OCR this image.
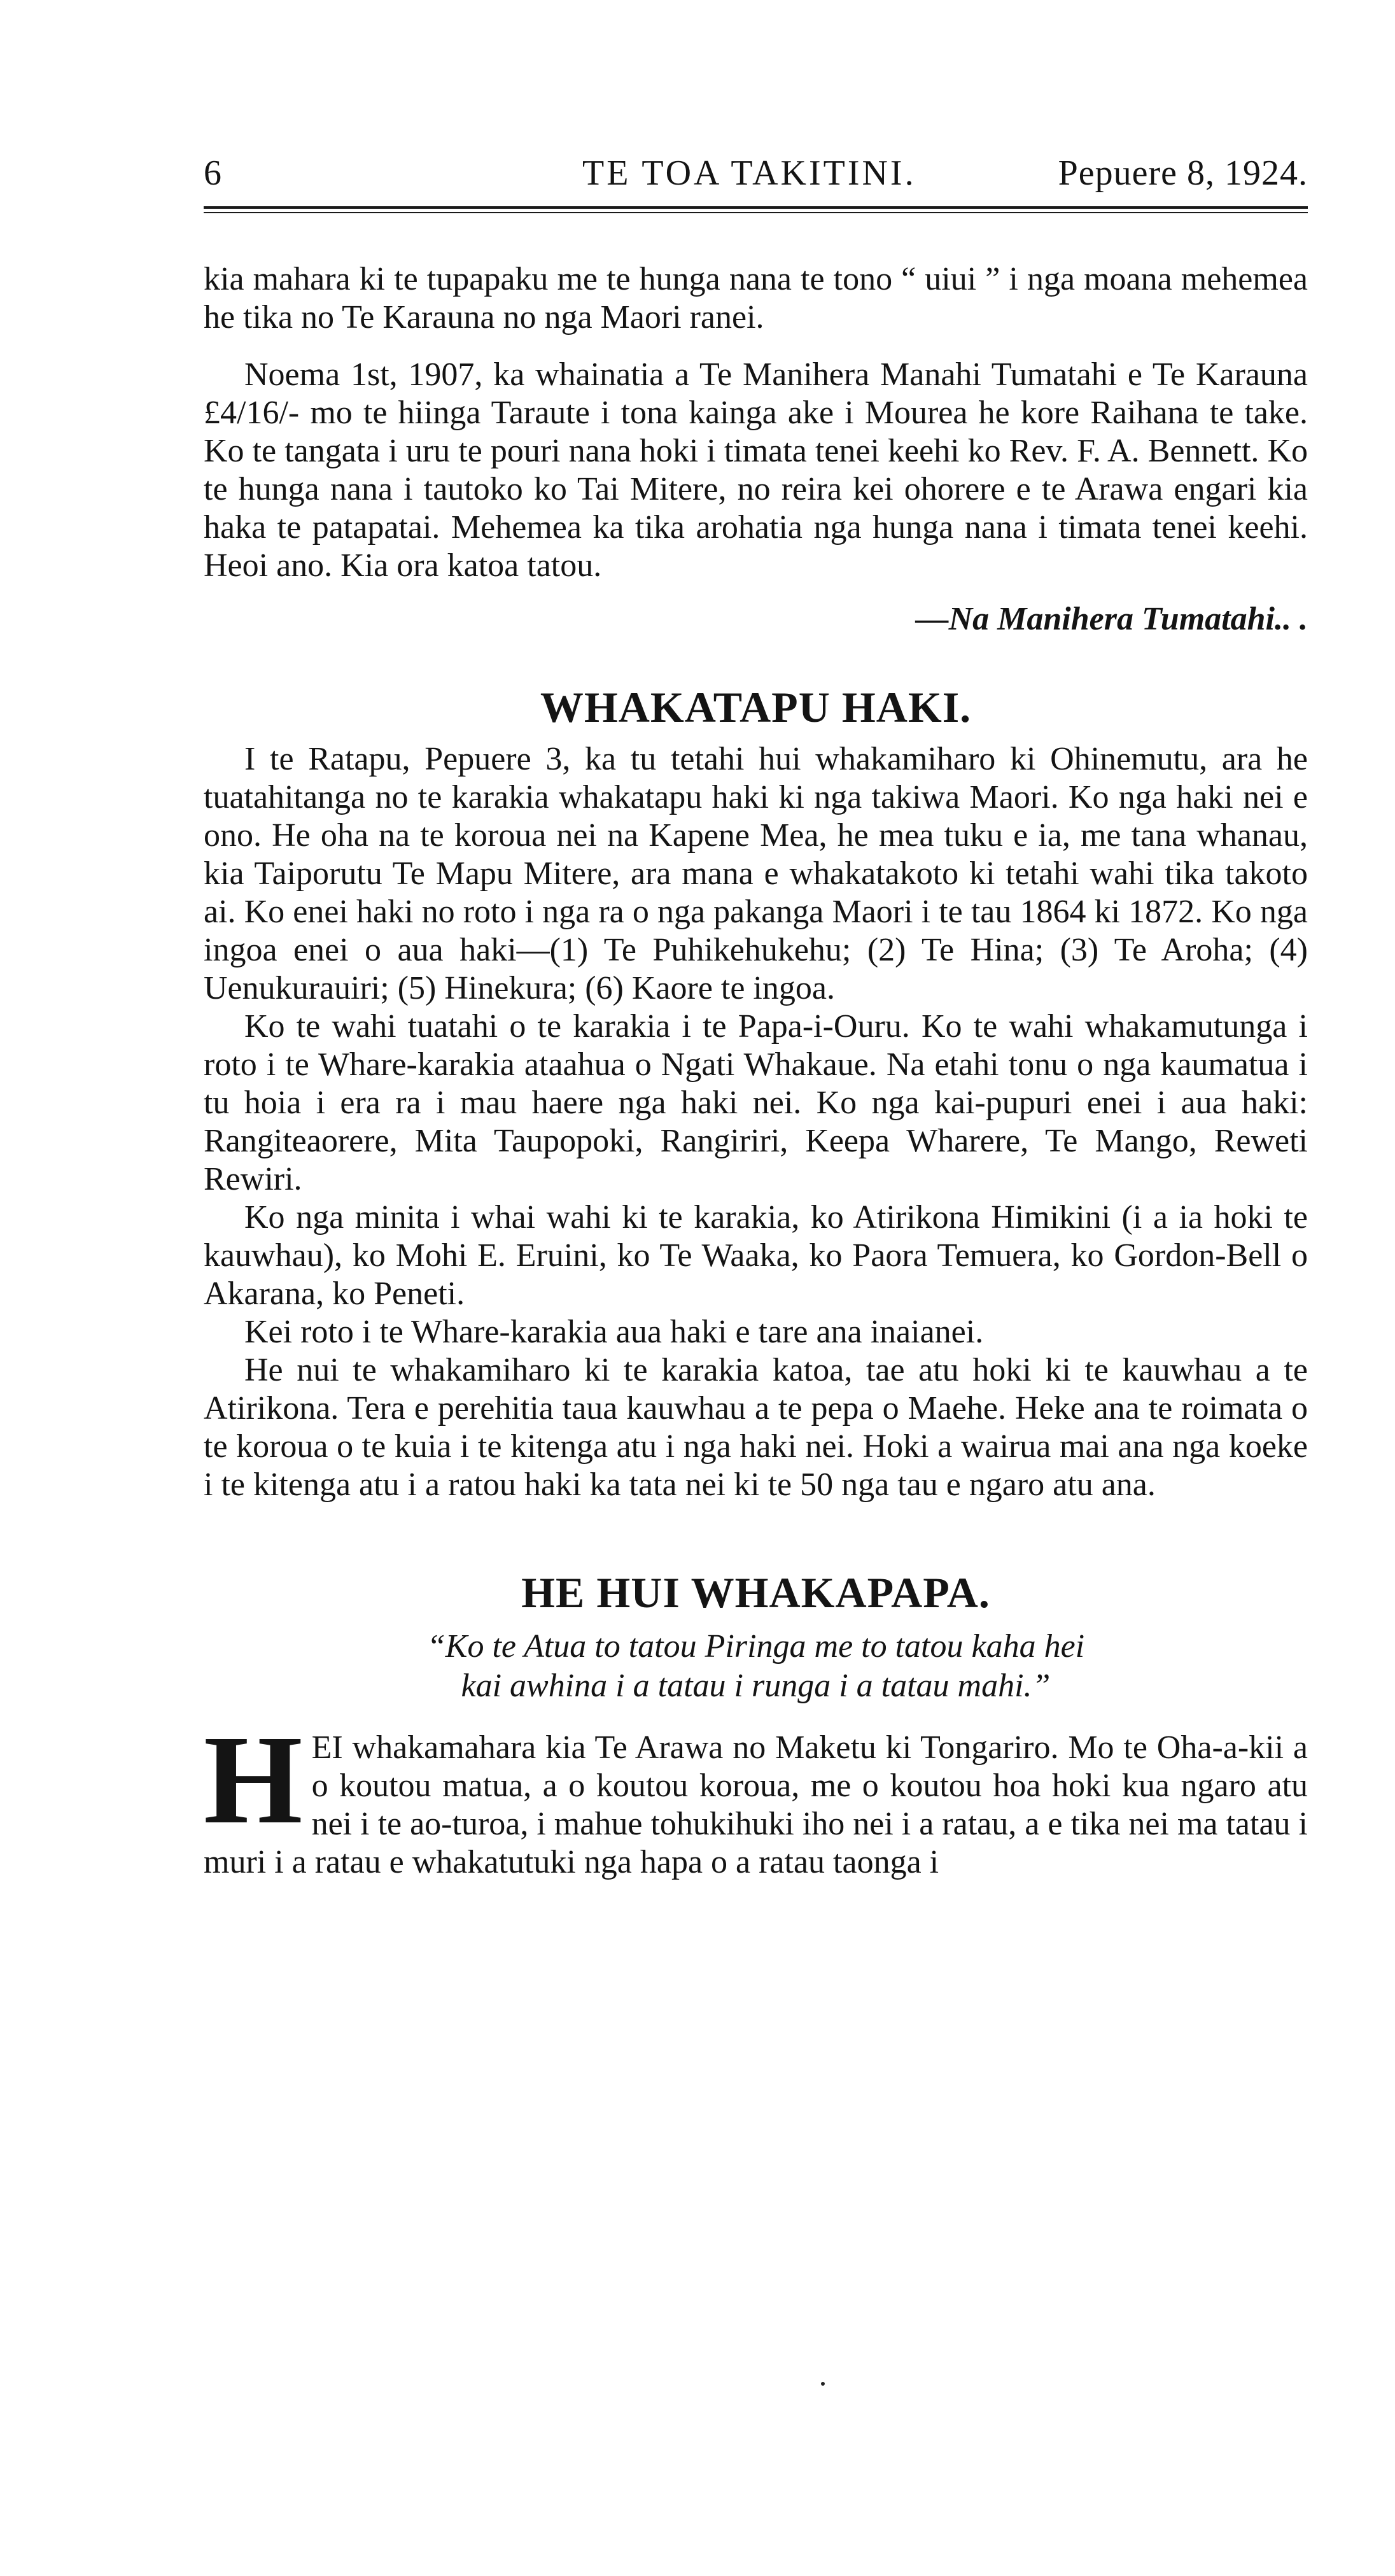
6	TE TOA TAKITINI.	Pepuere 8, 1924.

kia mahara ki te tupapaku me te hunga nana te tono “ uiui ” i nga moana mehemea he tika no Te Karauna no nga Maori ranei.

Noema 1st, 1907, ka whainatia a Te Manihera Manahi Tumatahi e Te Karauna £4/16/- mo te hiinga Taraute i tona kainga ake i Mourea he kore Raihana te take. Ko te tangata i uru te pouri nana hoki i timata tenei keehi ko Rev. F. A. Bennett. Ko te hunga nana i tautoko ko Tai Mitere, no reira kei ohorere e te Arawa engari kia haka te patapatai. Mehemea ka tika arohatia nga hunga nana i timata tenei keehi. Heoi ano. Kia ora katoa tatou.

—Na Manihera Tumatahi.. .
WHAKATAPU HAKI.

I te Ratapu, Pepuere 3, ka tu tetahi hui whakamiharo ki Ohinemutu, ara he tuatahitanga no te karakia whakatapu haki ki nga takiwa Maori. Ko nga haki nei e ono. He oha na te koroua nei na Kapene Mea, he mea tuku e ia, me tana whanau, kia Taiporutu Te Mapu Mitere, ara mana e whakatakoto ki tetahi wahi tika takoto ai. Ko enei haki no roto i nga ra o nga pakanga Maori i te tau 1864 ki 1872. Ko nga ingoa enei o aua haki—(1) Te Puhikehukehu; (2) Te Hina; (3) Te Aroha; (4) Uenukurauiri; (5) Hinekura; (6) Kaore te ingoa.

Ko te wahi tuatahi o te karakia i te Papa-i-Ouru. Ko te wahi whakamutunga i roto i te Whare-karakia ataahua o Ngati Whakaue. Na etahi tonu o nga kaumatua i tu hoia i era ra i mau haere nga haki nei. Ko nga kai-pupuri enei i aua haki: Rangiteaorere, Mita Taupopoki, Rangiriri, Keepa Wharere, Te Mango, Reweti Rewiri.

Ko nga minita i whai wahi ki te karakia, ko Atirikona Himikini (i a ia hoki te kauwhau), ko Mohi E. Eruini, ko Te Waaka, ko Paora Temuera, ko Gordon-Bell o Akarana, ko Peneti.

Kei roto i te Whare-karakia aua haki e tare ana inaianei.

He nui te whakamiharo ki te karakia katoa, tae atu hoki ki te kauwhau a te Atirikona. Tera e perehitia taua kauwhau a te pepa o Maehe. Heke ana te roimata o te koroua o te kuia i te kitenga atu i nga haki nei. Hoki a wairua mai ana nga koeke i te kitenga atu i a ratou haki ka tata nei ki te 50 nga tau e ngaro atu ana.

HE HUI WHAKAPAPA.
“Ko te Atua to tatou Piringa me to tatou kaha hei
kai awhina i a tatau i runga i a tatau mahi.”
H EI whakamahara kia Te Arawa no Maketu ki Tongariro. Mo te Oha-a-kii a o koutou matua, a o koutou koroua, me o koutou hoa hoki kua ngaro atu nei i te ao-turoa, i mahue tohukihuki iho nei i a ratau, a e tika nei ma tatau i muri i a ratau e whakatutuki nga hapa o a ratau taonga i
